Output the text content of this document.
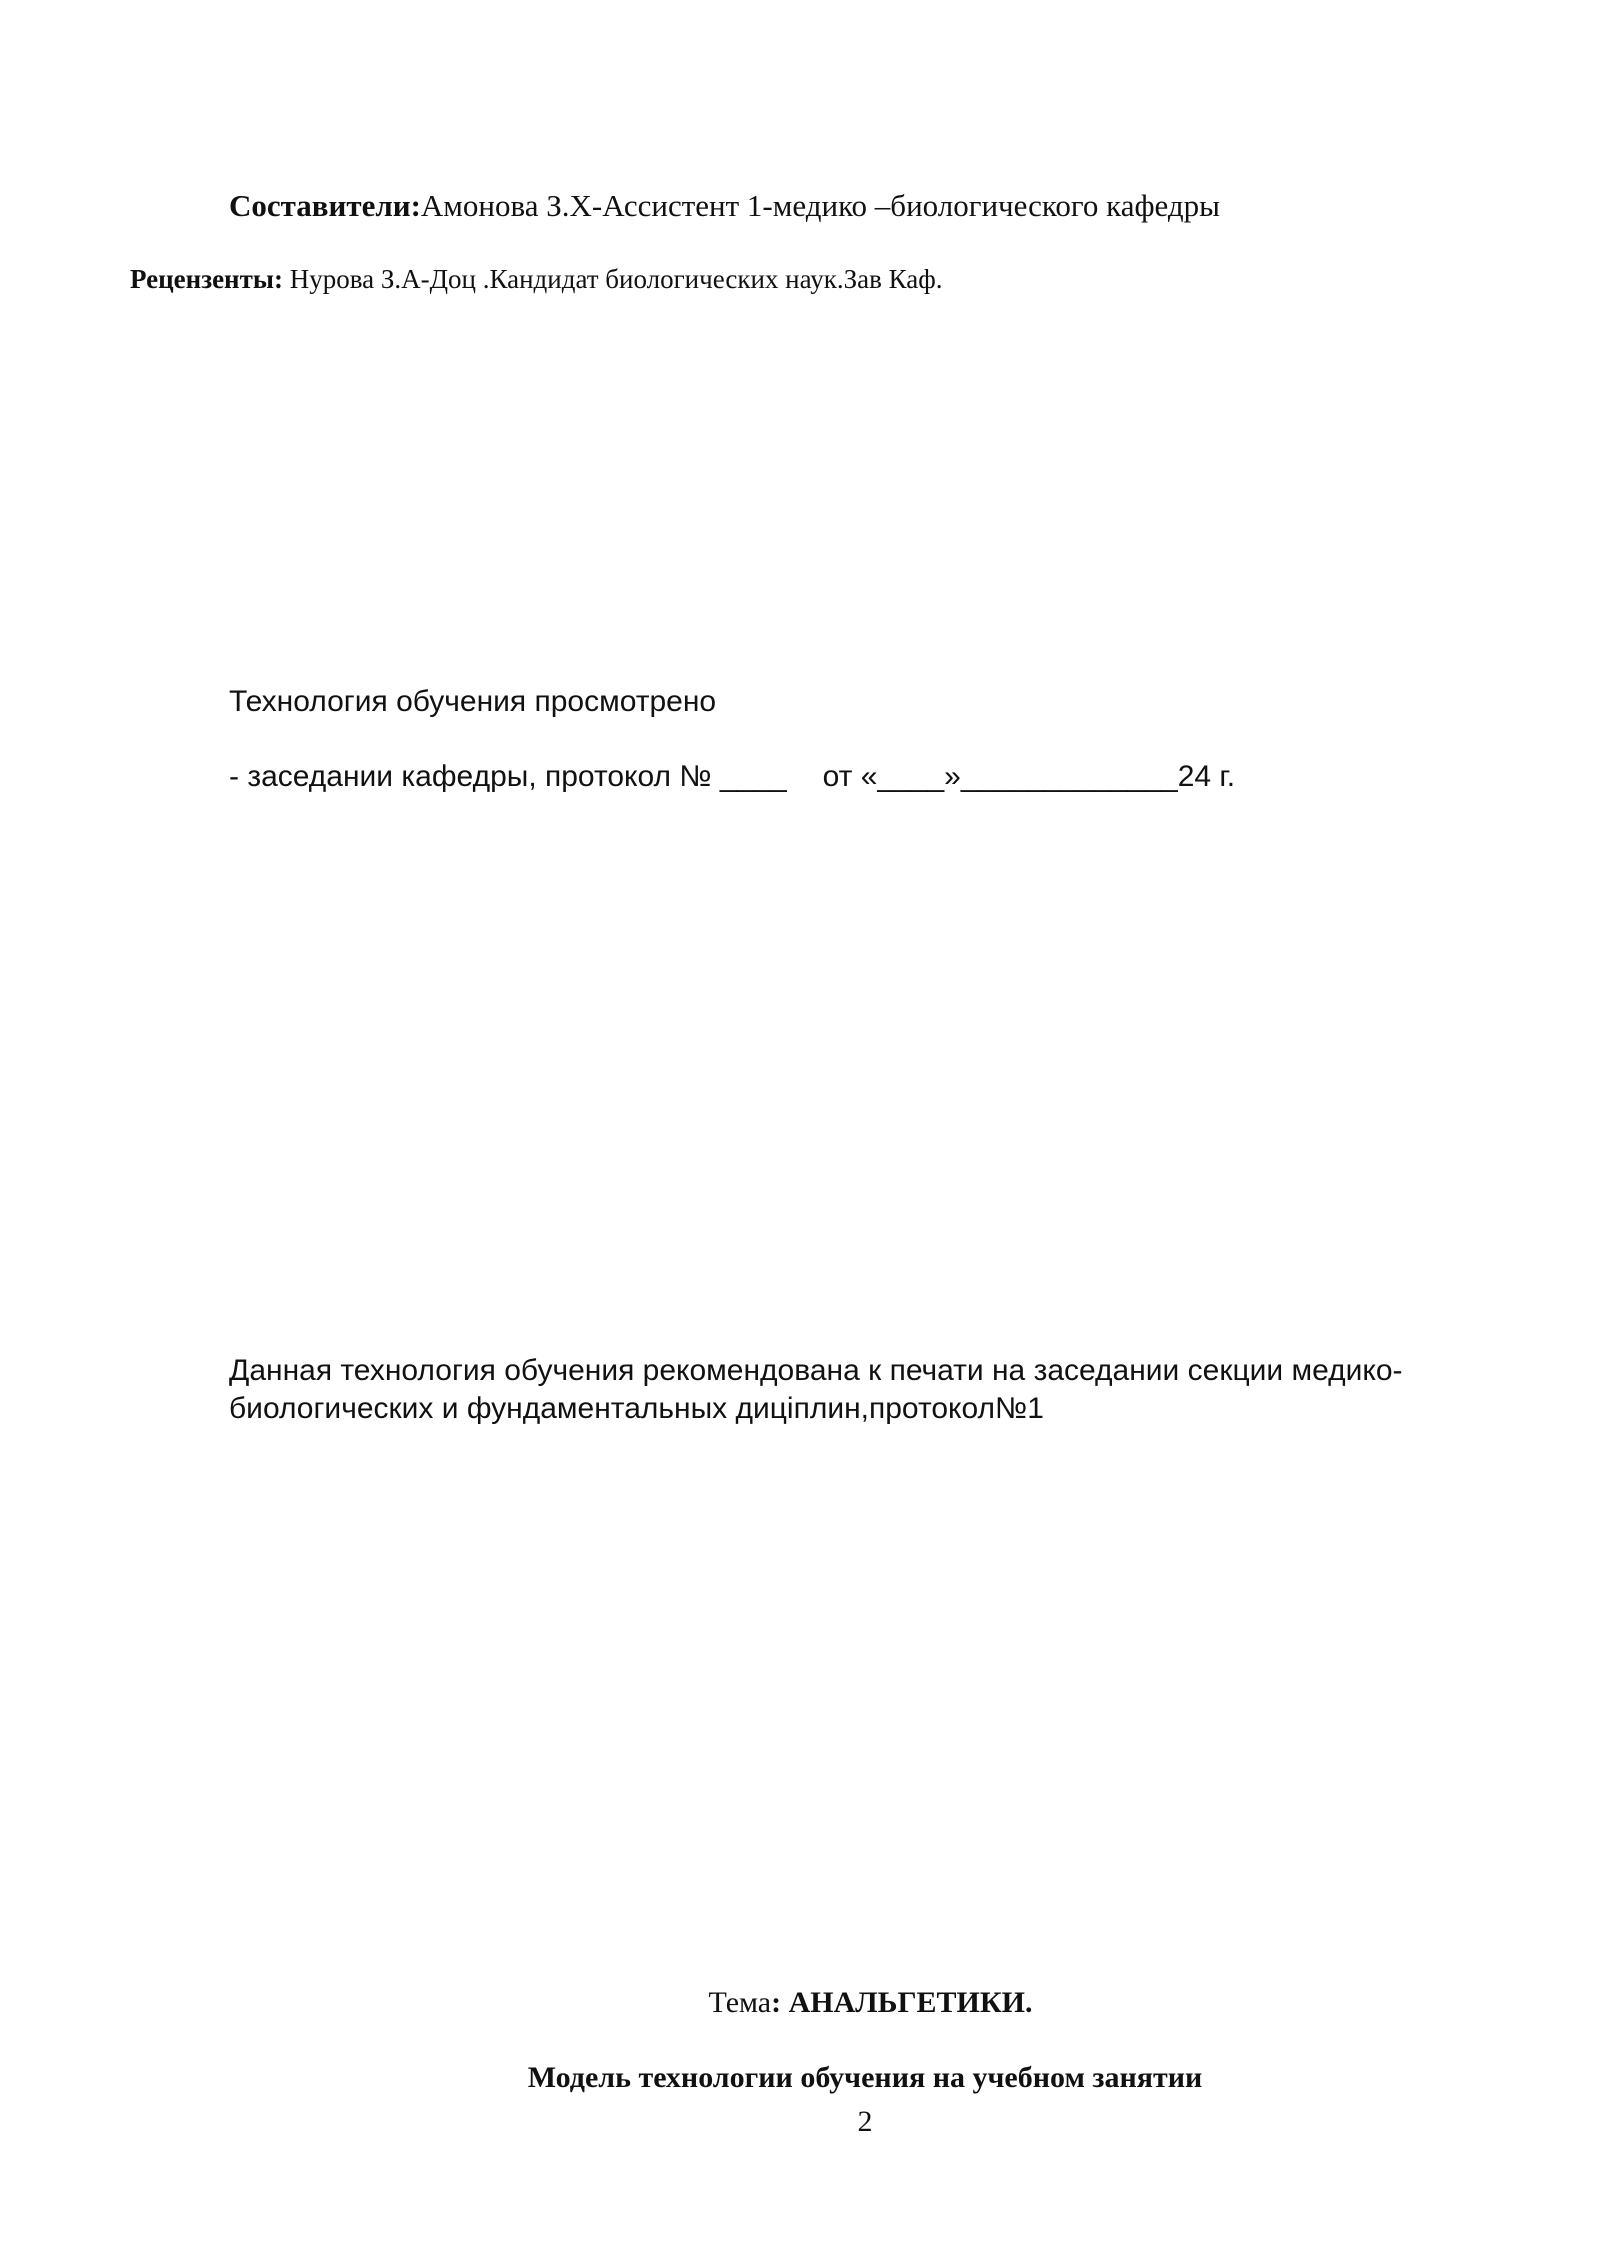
Составители:Амонова З.Х-Ассистент 1-медико –биологического кафедры
Рецензенты: Нурова З.А-Доц .Кандидат биологических наук.Зав Каф.
Технология обучения просмотрено
- заседании кафедры, протокол № ____ от «____»_____________24 г.
Данная технология обучения рекомендована к печати на заседании секции медико-
биологических и фундаментальных диціплин,протокол№1
Тема: АНАЛЬГЕТИКИ.
Модель технологии обучения на учебном занятии
2
